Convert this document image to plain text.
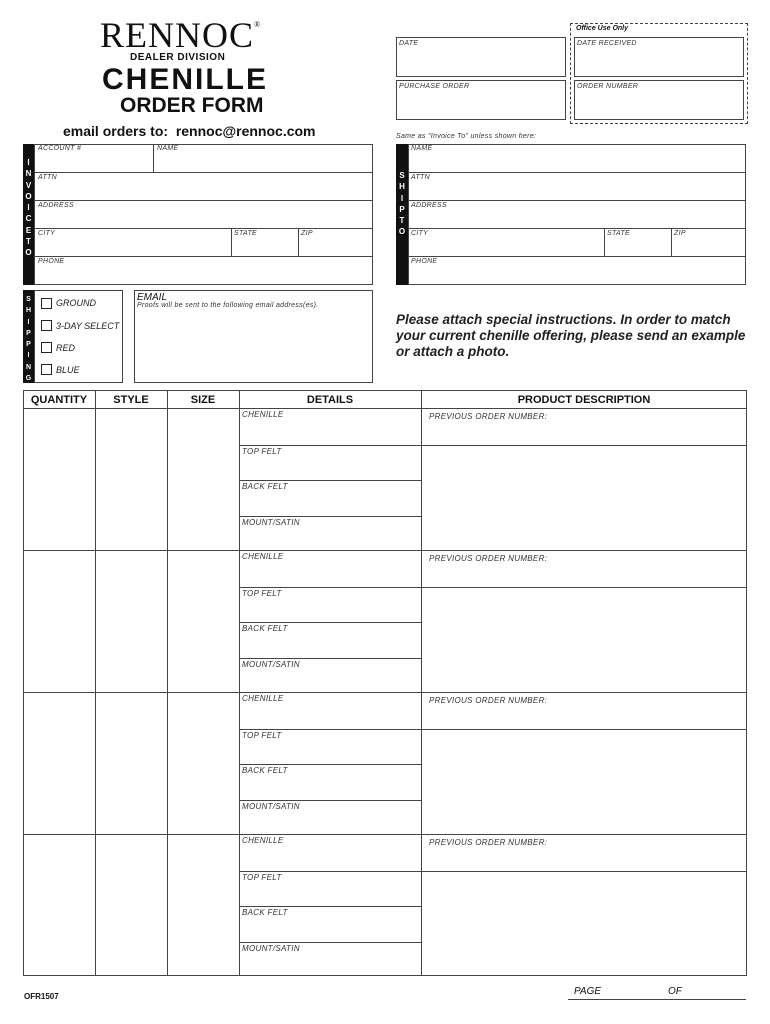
RENNOC®
DEALER DIVISION
CHENILLE
ORDER FORM
email orders to: rennoc@rennoc.com
Office Use Only
DATE
PURCHASE ORDER
DATE RECEIVED
ORDER NUMBER
I
N
V
O
I
C
E
T
O
ACCOUNT #	NAME
ATTN
ADDRESS
CITY	STATE	ZIP
PHONE
Same as "Invoice To" unless shown here:
S
H
I
P
T
O
NAME
ATTN
ADDRESS
CITY	STATE	ZIP
PHONE
S
H
I
P
P
I
N
G
GROUND
3-DAY SELECT
RED
BLUE
EMAIL
Proofs will be sent to the following email address(es).
Please attach special instructions. In order to match your current chenille offering, please send an example or attach a photo.
QUANTITY	STYLE	SIZE	DETAILS	PRODUCT DESCRIPTION
CHENILLE
TOP FELT
BACK FELT
MOUNT/SATIN
PREVIOUS ORDER NUMBER:
CHENILLE
TOP FELT
BACK FELT
MOUNT/SATIN
PREVIOUS ORDER NUMBER:
CHENILLE
TOP FELT
BACK FELT
MOUNT/SATIN
PREVIOUS ORDER NUMBER:
CHENILLE
TOP FELT
BACK FELT
MOUNT/SATIN
PREVIOUS ORDER NUMBER:
OFR1507	PAGE	OF
